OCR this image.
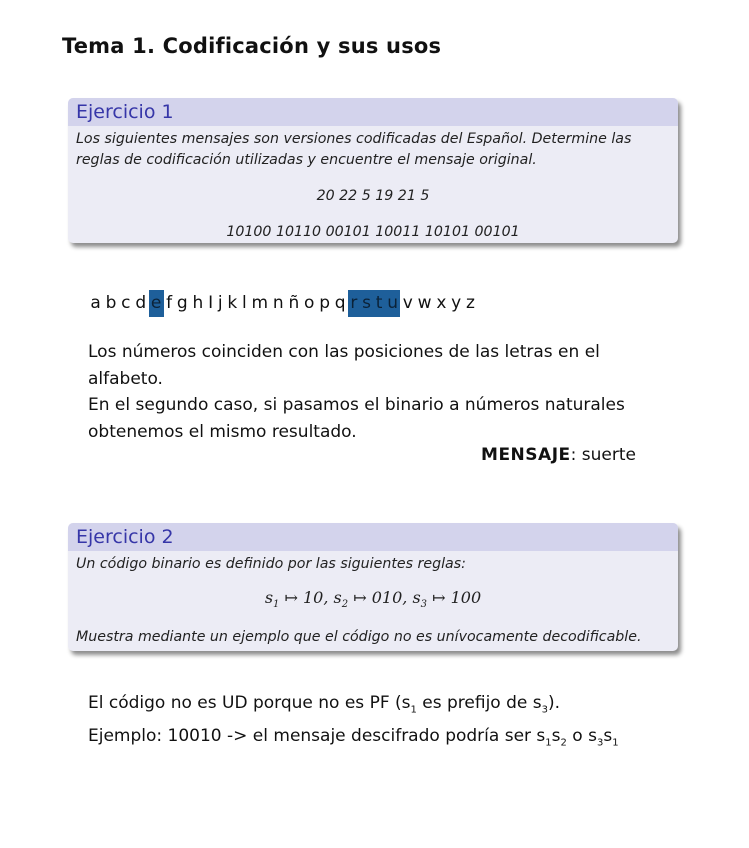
Tema 1. Codificación y sus usos
Ejercicio 1
Los siguientes mensajes son versiones codificadas del Español. Determine las reglas de codificación utilizadas y encuentre el mensaje original.
20 22 5 19 21 5
10100 10110 00101 10011 10101 00101
a b c d e f g h I j k l m n ñ o p q r s t u v w x y z
Los números coinciden con las posiciones de las letras en el
alfabeto.
En el segundo caso, si pasamos el binario a números naturales
obtenemos el mismo resultado.
MENSAJE: suerte
Ejercicio 2
Un código binario es definido por las siguientes reglas:
$s_1$ ↦ 10, $s_2$ ↦ 010, $s_3$ ↦ 100
Muestra mediante un ejemplo que el código no es unívocamente decodificable.
El código no es UD porque no es PF ($s_1$ es prefijo de $s_3$).
Ejemplo: 10010 -> el mensaje descifrado podría ser $s_1s_2$ o $s_3s_1$
